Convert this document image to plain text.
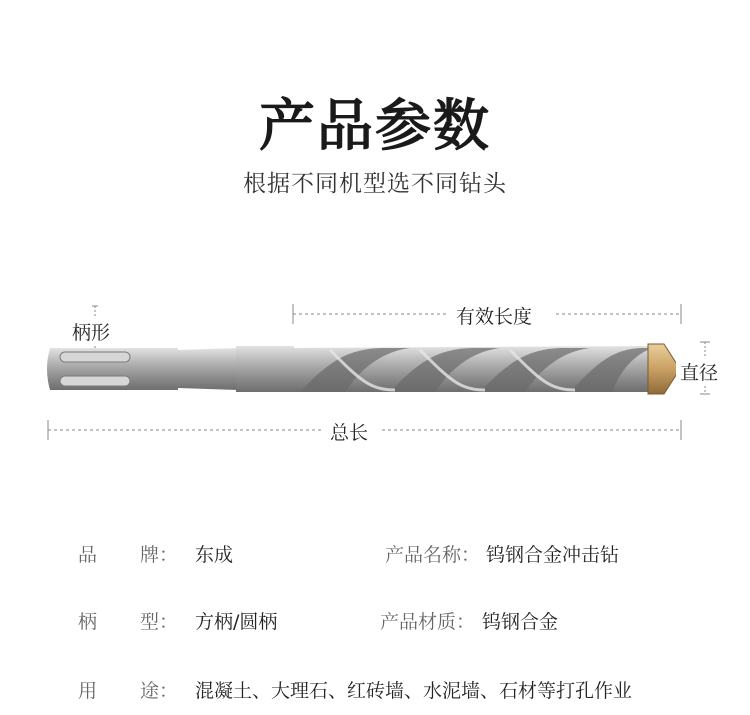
产品参数
根据不同机型选不同钻头
柄形
有效长度
直径
总长
品 牌： 东成	产品名称： 钨钢合金冲击钻
柄 型： 方柄/圆柄	产品材质： 钨钢合金
用 途： 混凝土、大理石、红砖墙、水泥墙、石材等打孔作业
